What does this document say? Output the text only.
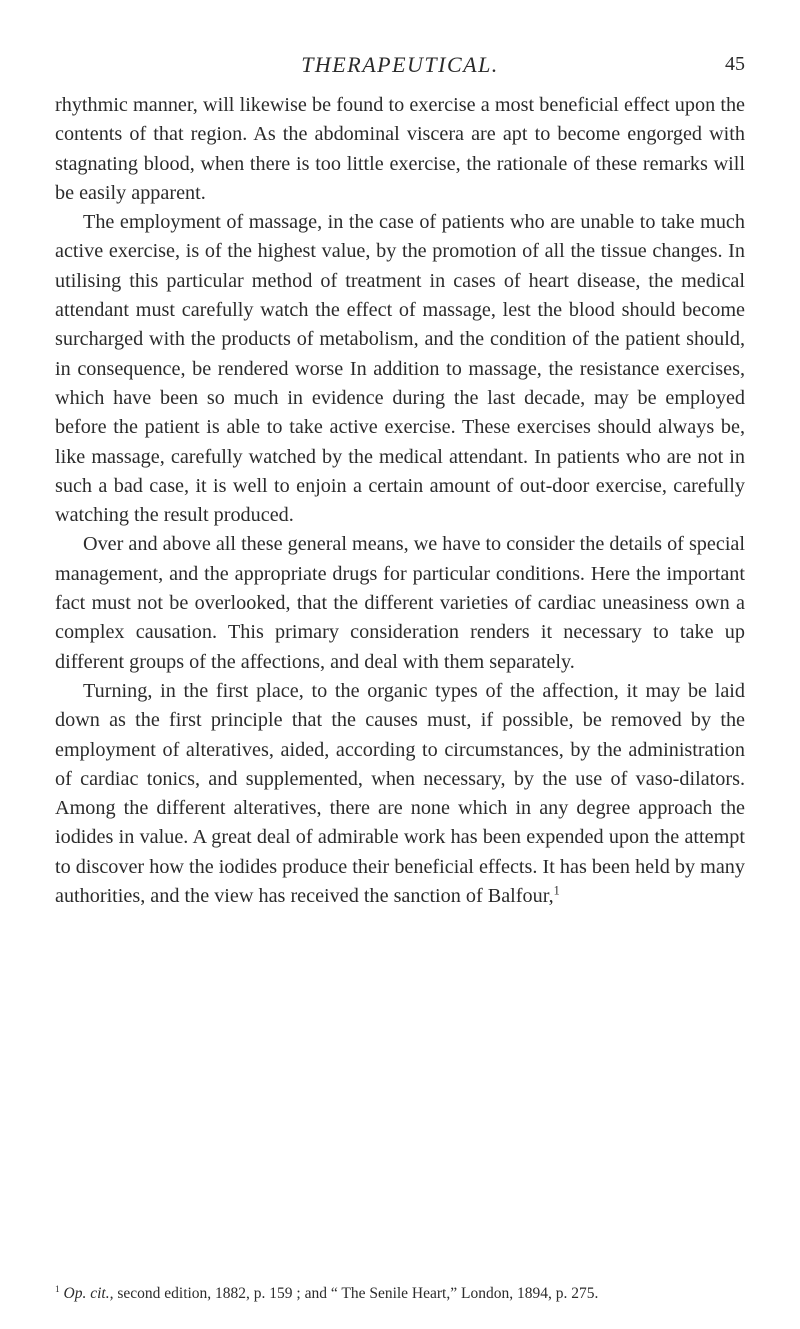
THERAPEUTICAL.	45

rhythmic manner, will likewise be found to exercise a most beneficial effect upon the contents of that region. As the abdominal viscera are apt to become engorged with stagnating blood, when there is too little exercise, the rationale of these remarks will be easily apparent.

The employment of massage, in the case of patients who are unable to take much active exercise, is of the highest value, by the promotion of all the tissue changes. In utilising this particular method of treatment in cases of heart disease, the medical attendant must carefully watch the effect of massage, lest the blood should become surcharged with the products of metabolism, and the condition of the patient should, in consequence, be rendered worse In addition to massage, the resistance exercises, which have been so much in evidence during the last decade, may be employed before the patient is able to take active exercise. These exercises should always be, like massage, carefully watched by the medical attendant. In patients who are not in such a bad case, it is well to enjoin a certain amount of out-door exercise, carefully watching the result produced.

Over and above all these general means, we have to consider the details of special management, and the appropriate drugs for particular conditions. Here the important fact must not be overlooked, that the different varieties of cardiac uneasiness own a complex causation. This primary consideration renders it necessary to take up different groups of the affections, and deal with them separately.

Turning, in the first place, to the organic types of the affection, it may be laid down as the first principle that the causes must, if possible, be removed by the employment of alteratives, aided, according to circumstances, by the administration of cardiac tonics, and supplemented, when necessary, by the use of vaso-dilators. Among the different alteratives, there are none which in any degree approach the iodides in value. A great deal of admirable work has been expended upon the attempt to discover how the iodides produce their beneficial effects. It has been held by many authorities, and the view has received the sanction of Balfour,$^1$

$^1$ Op. cit., second edition, 1882, p. 159 ; and “ The Senile Heart,” London, 1894, p. 275.
